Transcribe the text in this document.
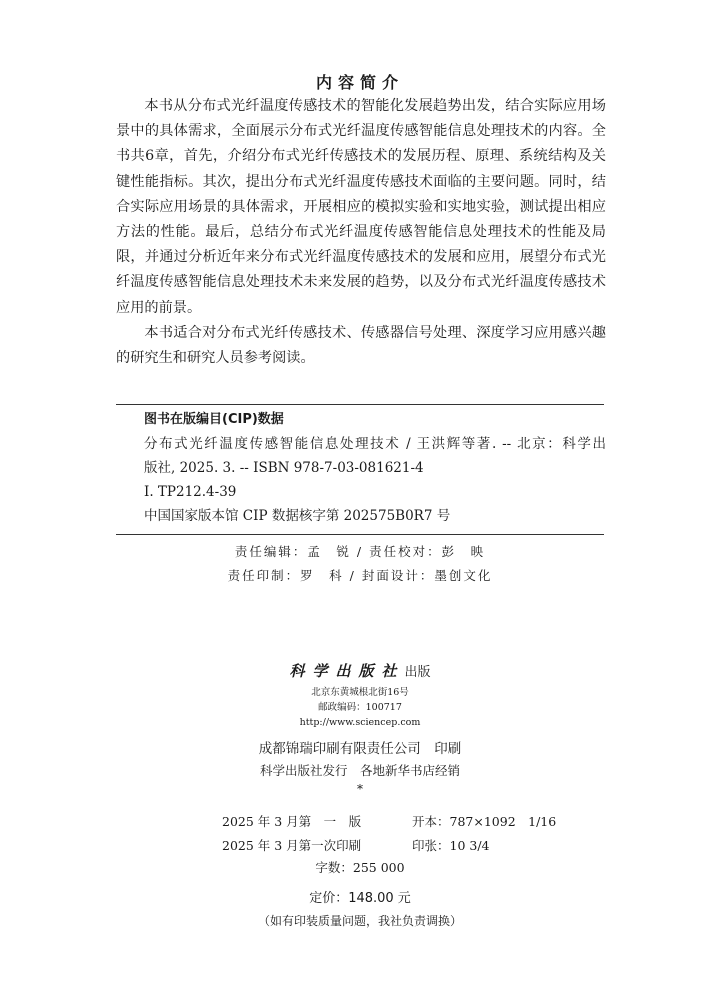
内容简介

本书从分布式光纤温度传感技术的智能化发展趋势出发，结合实际应用场景中的具体需求，全面展示分布式光纤温度传感智能信息处理技术的内容。全书共6章，首先，介绍分布式光纤传感技术的发展历程、原理、系统结构及关键性能指标。其次，提出分布式光纤温度传感技术面临的主要问题。同时，结合实际应用场景的具体需求，开展相应的模拟实验和实地实验，测试提出相应方法的性能。最后，总结分布式光纤温度传感智能信息处理技术的性能及局限，并通过分析近年来分布式光纤温度传感技术的发展和应用，展望分布式光纤温度传感智能信息处理技术未来发展的趋势，以及分布式光纤温度传感技术应用的前景。

本书适合对分布式光纤传感技术、传感器信号处理、深度学习应用感兴趣的研究生和研究人员参考阅读。

图书在版编目(CIP)数据
分布式光纤温度传感智能信息处理技术 / 王洪辉等著. -- 北京：科学出
版社, 2025. 3. -- ISBN 978-7-03-081621-4
Ⅰ. TP212.4-39
中国国家版本馆 CIP 数据核字第 202575B0R7 号
责任编辑：孟　锐 / 责任校对：彭　映
责任印制：罗　科 / 封面设计：墨创文化
科学出版社出版
北京东黄城根北街16号
邮政编码：100717
http://www.sciencep.com
成都锦瑞印刷有限责任公司　印刷
科学出版社发行　各地新华书店经销
*
2025 年 3 月第　一　版	开本：787×1092　1/16
2025 年 3 月第一次印刷	印张：10 3/4
字数：255 000
定价：148.00 元
（如有印装质量问题，我社负责调换）
